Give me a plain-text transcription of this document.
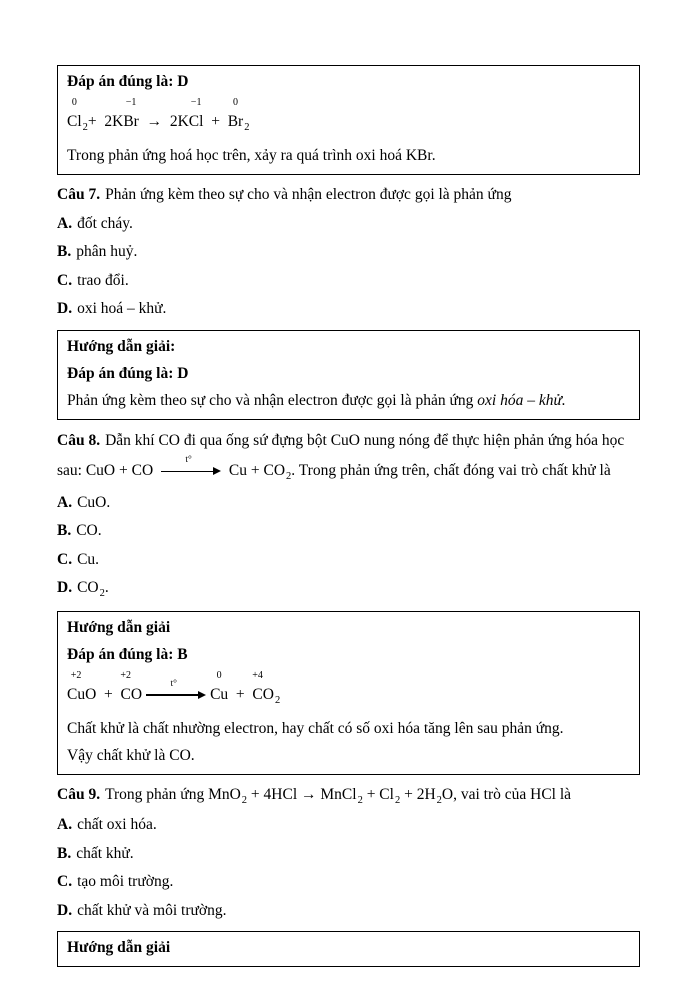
Đáp án đúng là: D

0
$Cl_2+ 2K$
−1
Br  →  2K
−1
Cl  +
0
$Br_2$

Trong phản ứng hoá học trên, xảy ra quá trình oxi hoá KBr.

Câu 7. Phản ứng kèm theo sự cho và nhận electron được gọi là phản ứng

A. đốt cháy.

B. phân huỷ.

C. trao đổi.

D. oxi hoá – khử.

Hướng dẫn giải:

Đáp án đúng là: D

Phản ứng kèm theo sự cho và nhận electron được gọi là phản ứng oxi hóa – khử.

Câu 8. Dẫn khí CO đi qua ống sứ đựng bột CuO nung nóng để thực hiện phản ứng hóa học sau: CuO + CO
t°
$Cu + CO_2$. Trong phản ứng trên, chất đóng vai trò chất khử là

A. CuO.

B. CO.

C. Cu.

D. $CO_2$.

Hướng dẫn giải

Đáp án đúng là: B

+2
CuO  +
+2
CO
t°
0
Cu  +
+4
$CO_2$

Chất khử là chất nhường electron, hay chất có số oxi hóa tăng lên sau phản ứng.

Vậy chất khử là CO.

Câu 9. Trong phản ứng MnO$_2$ + 4HCl → MnCl$_2$ + $Cl_2 + 2H_2O$, vai trò của HCl là

A. chất oxi hóa.

B. chất khử.

C. tạo môi trường.

D. chất khử và môi trường.

Hướng dẫn giải
